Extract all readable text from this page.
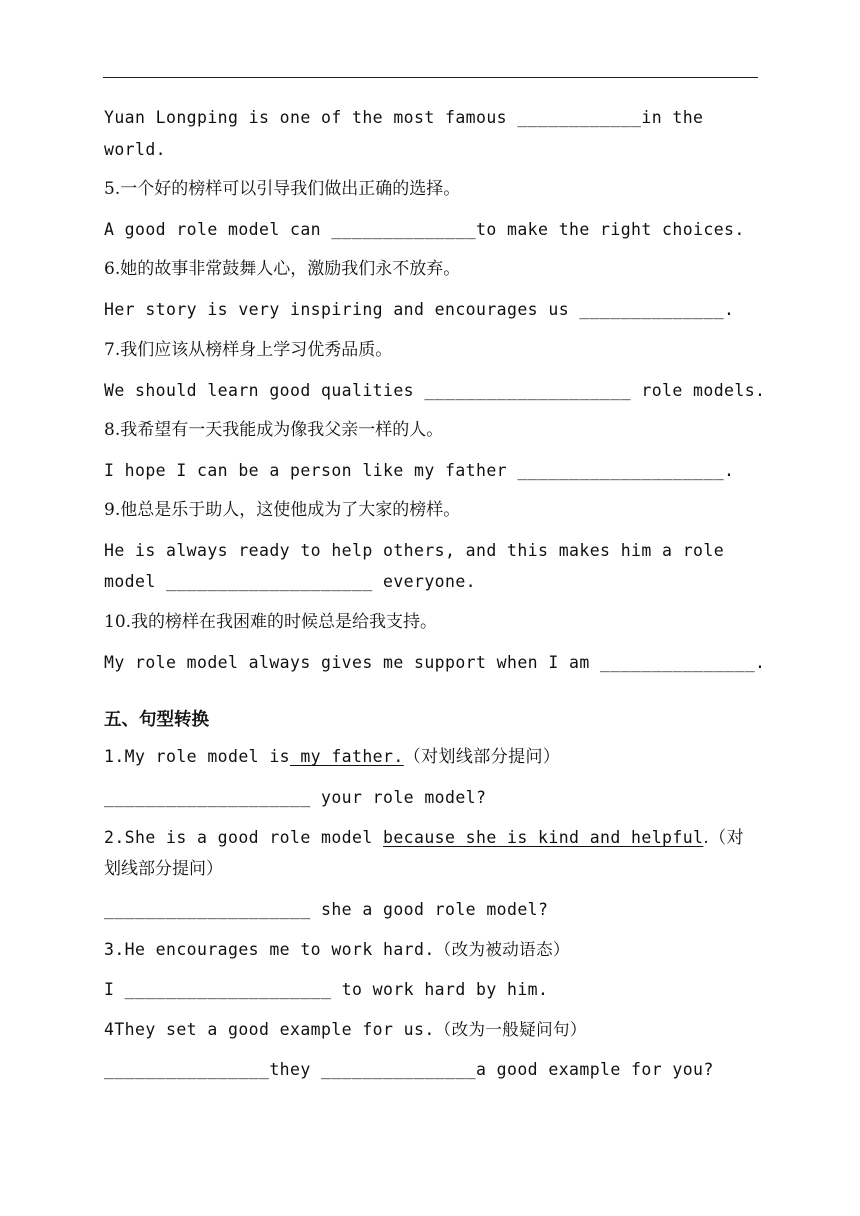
Yuan Longping is one of the most famous ____________in the
world.
5.一个好的榜样可以引导我们做出正确的选择。
A good role model can ______________to make the right choices.
6.她的故事非常鼓舞人心，激励我们永不放弃。
Her story is very inspiring and encourages us ______________.
7.我们应该从榜样身上学习优秀品质。
We should learn good qualities ____________________ role models.
8.我希望有一天我能成为像我父亲一样的人。
I hope I can be a person like my father ____________________.
9.他总是乐于助人，这使他成为了大家的榜样。
He is always ready to help others, and this makes him a role
model ____________________ everyone.
10.我的榜样在我困难的时候总是给我支持。
My role model always gives me support when I am _______________.
五、句型转换
1.My role model is my father.（对划线部分提问）
____________________ your role model?
2.She is a good role model because she is kind and helpful.（对
划线部分提问）
____________________ she a good role model?
3.He encourages me to work hard.（改为被动语态）
I ____________________ to work hard by him.
4They set a good example for us.（改为一般疑问句）
________________they _______________a good example for you?
